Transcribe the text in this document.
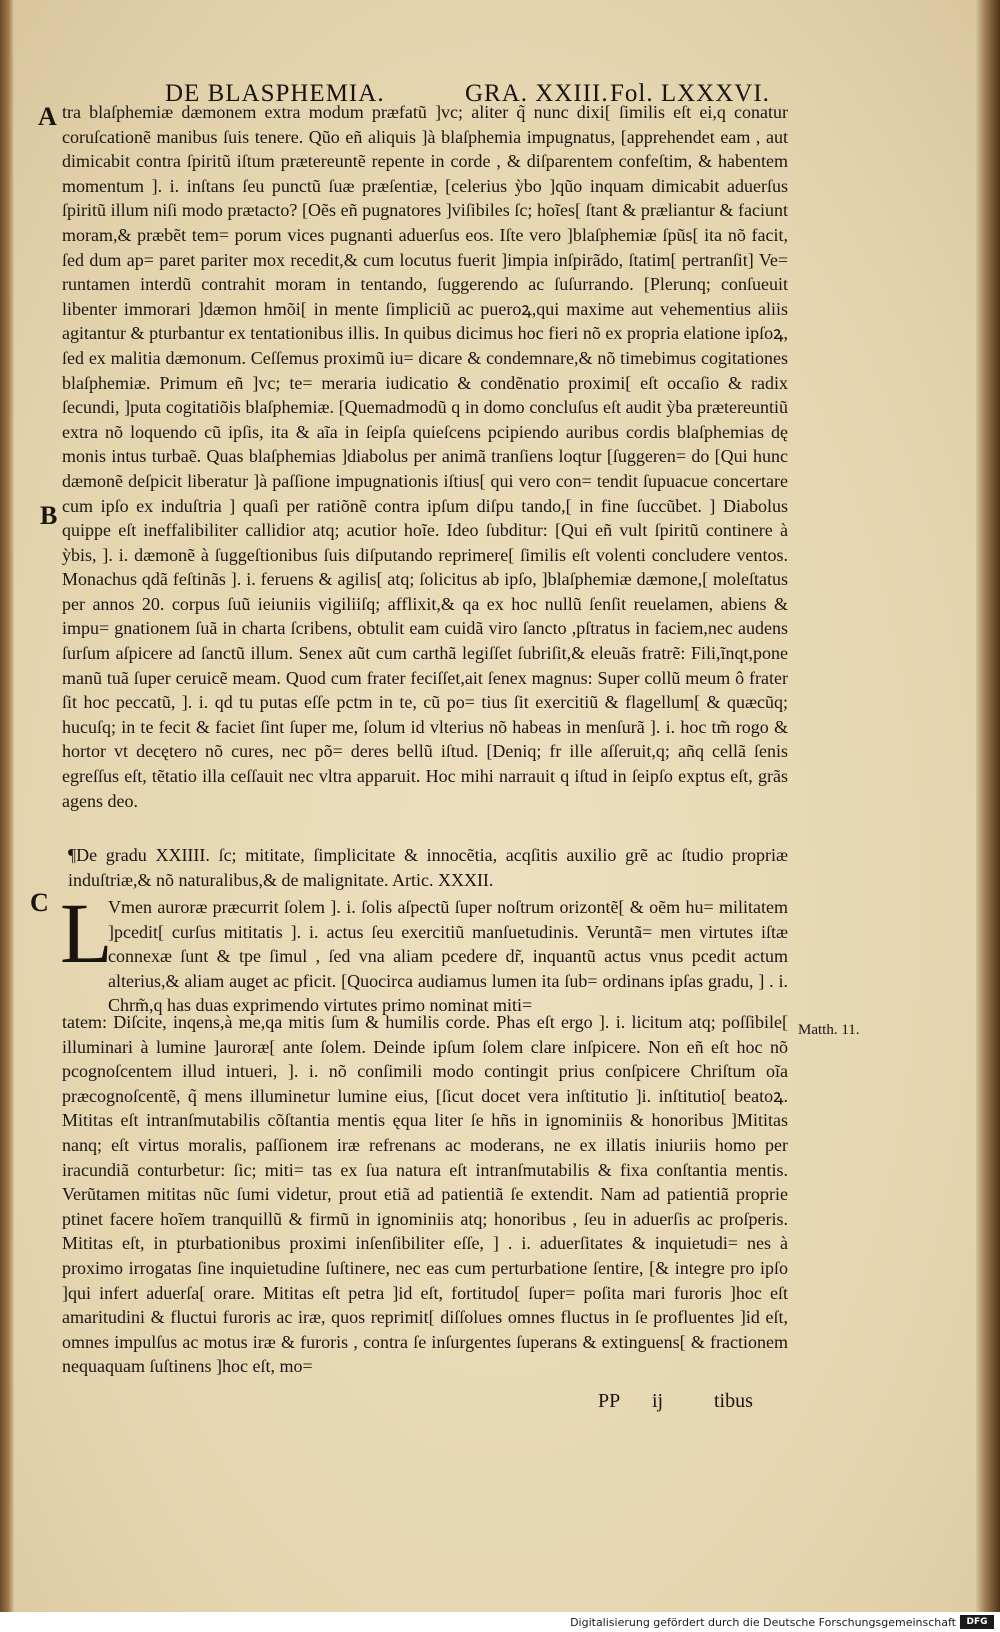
DE BLASPHEMIA.	GRA. XXIII. Fol. LXXXVI.
A
B
C

tra blaſphemiæ dæmonem extra modum præfatũ ]vc; aliter q̃ nunc dixi[ ſimilis eſt ei,q conatur coruſcationẽ manibus ſuis tenere. Qũo eñ aliquis ]à blaſphemia impugnatus, [apprehendet eam , aut dimicabit contra ſpiritũ iſtum prætereuntẽ repente in corde , & diſparentem confeſtim, & habentem momentum ]. i. inſtans ſeu punctũ ſuæ præſentiæ, [celerius ỳbo ]qũo inquam dimicabit aduerſus ſpiritũ illum niſi modo prætacto? [Oẽs eñ pugnatores ]viſibiles ſc; hoĩes[ ſtant & præliantur & faciunt moram,& præbẽt tem= porum vices pugnanti aduerſus eos. Iſte vero ]blaſphemiæ ſpũs[ ita nõ facit, ſed dum ap= paret pariter mox recedit,& cum locutus fuerit ]impia inſpirãdo, ſtatim[ pertranſit] Ve= runtamen interdũ contrahit moram in tentando, ſuggerendo ac ſuſurrando. [Plerunq; conſueuit libenter immorari ]dæmon hmõi[ in mente ſimpliciũ ac pueroꝝ,qui maxime aut vehementius aliis agitantur & pturbantur ex tentationibus illis. In quibus dicimus hoc fieri nõ ex propria elatione ipſoꝝ, ſed ex malitia dæmonum. Ceſſemus proximũ iu= dicare & condemnare,& nõ timebimus cogitationes blaſphemiæ. Primum eñ ]vc; te= meraria iudicatio & condẽnatio proximi[ eſt occaſio & radix ſecundi, ]puta cogitatiõis blaſphemiæ. [Quemadmodũ q in domo concluſus eſt audit ỳba prætereuntiũ extra nõ loquendo cũ ipſis, ita & aĩa in ſeipſa quieſcens pcipiendo auribus cordis blaſphemias dę monis intus turbaẽ. Quas blaſphemias ]diabolus per animã tranſiens loqtur [ſuggeren= do [Qui hunc dæmonẽ deſpicit liberatur ]à paſſione impugnationis iſtius[ qui vero con= tendit ſupuacue concertare cum ipſo ex induſtria ] quaſi per ratiõnẽ contra ipſum diſpu tando,[ in fine ſuccũbet. ] Diabolus quippe eſt ineffalibiliter callidior atq; acutior hoĩe. Ideo ſubditur: [Qui eñ vult ſpiritũ continere à ỳbis, ]. i. dæmonẽ à ſuggeſtionibus ſuis diſputando reprimere[ ſimilis eſt volenti concludere ventos. Monachus qdã feſtinãs ]. i. feruens & agilis[ atq; ſolicitus ab ipſo, ]blaſphemiæ dæmone,[ moleſtatus per annos 20. corpus ſuũ ieiuniis vigiliiſq; afflixit,& qa ex hoc nullũ ſenſit reuelamen, abiens & impu= gnationem ſuã in charta ſcribens, obtulit eam cuidã viro ſancto ,pſtratus in faciem,nec audens ſurſum aſpicere ad ſanctũ illum. Senex aũt cum carthã legiſſet ſubriſit,& eleuãs fratrẽ: Fili,ĩnqt,pone manũ tuã ſuper ceruicẽ meam. Quod cum frater feciſſet,ait ſenex magnus: Super collũ meum ô frater ſit hoc peccatũ, ]. i. qd tu putas eſſe pctm in te, cũ po= tius ſit exercitiũ & flagellum[ & quæcũq; hucuſq; in te fecit & faciet ſint ſuper me, ſolum id vlterius nõ habeas in menſurã ]. i. hoc tm̃ rogo & hortor vt decętero nõ cures, nec põ= deres bellũ iſtud. [Deniq; fr ille aſſeruit,q; añq cellã ſenis egreſſus eſt, tẽtatio illa ceſſauit nec vltra apparuit. Hoc mihi narrauit q iſtud in ſeipſo exptus eſt, grãs agens deo.

¶De gradu XXIIII. ſc; mititate, ſimplicitate & innocẽtia, acqſitis auxilio grẽ ac ſtudio propriæ induſtriæ,& nõ naturalibus,& de malignitate. Artic. XXXII.

L

Vmen auroræ præcurrit ſolem ]. i. ſolis aſpectũ ſuper noſtrum orizontẽ[ & oẽm hu= militatem ]pcedit[ curſus mititatis ]. i. actus ſeu exercitiũ manſuetudinis. Veruntã= men virtutes iſtæ connexæ ſunt & tpe ſimul , ſed vna aliam pcedere dr̃, inquantũ actus vnus pcedit actum alterius,& aliam auget ac pficit. [Quocirca audiamus lumen ita ſub= ordinans ipſas gradu, ] . i. Chrm̃,q has duas exprimendo virtutes primo nominat miti=

tatem: Diſcite, inqens,à me,qa mitis ſum & humilis corde. Phas eſt ergo ]. i. licitum atq; poſſibile[ illuminari à lumine ]auroræ[ ante ſolem. Deinde ipſum ſolem clare inſpicere. Non eñ eſt hoc nõ pcognoſcentem illud intueri, ]. i. nõ conſimili modo contingit prius conſpicere Chriſtum oĩa præcognoſcentẽ, q̃ mens illuminetur lumine eius, [ſicut docet vera inſtitutio ]i. inſtitutio[ beatoꝝ. Mititas eſt intranſmutabilis cõſtantia mentis ęqua liter ſe hñs in ignominiis & honoribus ]Mititas nanq; eſt virtus moralis, paſſionem iræ refrenans ac moderans, ne ex illatis iniuriis homo per iracundiã conturbetur: ſic; miti= tas ex ſua natura eſt intranſmutabilis & fixa conſtantia mentis. Verũtamen mititas nũc ſumi videtur, prout etiã ad patientiã ſe extendit. Nam ad patientiã proprie ptinet facere hoĩem tranquillũ & firmũ in ignominiis atq; honoribus , ſeu in aduerſis ac proſperis. Mititas eſt, in pturbationibus proximi inſenſibiliter eſſe, ] . i. aduerſitates & inquietudi= nes à proximo irrogatas ſine inquietudine ſuſtinere, nec eas cum perturbatione ſentire, [& integre pro ipſo ]qui infert aduerſa[ orare. Mititas eſt petra ]id eſt, fortitudo[ ſuper= poſita mari furoris ]hoc eſt amaritudini & fluctui furoris ac iræ, quos reprimit[ diſſolues omnes fluctus in ſe profluentes ]id eſt, omnes impulſus ac motus iræ & furoris , contra ſe inſurgentes ſuperans & extinguens[ & fractionem nequaquam ſuſtinens ]hoc eſt, mo=

Matth. 11.
PP ij	tibus
Digitalisierung gefördert durch die Deutsche Forschungsgemeinschaft	DFG
